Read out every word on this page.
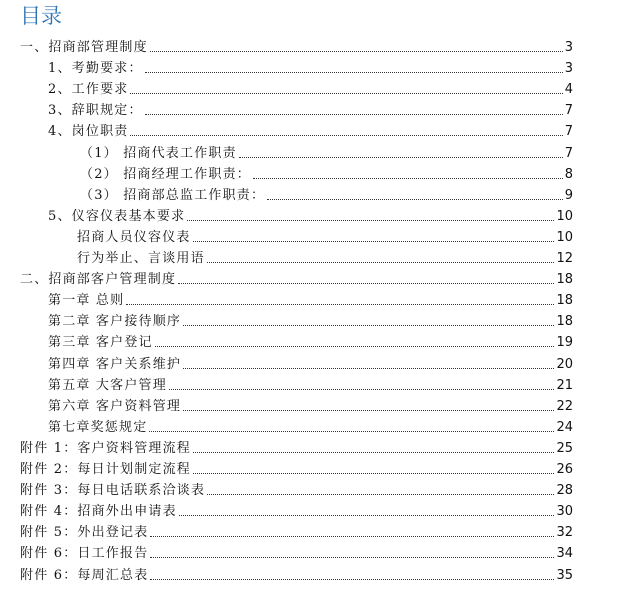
目录
一、招商部管理制度	3
1、考勤要求：	3
2、工作要求	4
3、辞职规定：	7
4、岗位职责	7
（1） 招商代表工作职责	7
（2） 招商经理工作职责：	8
（3） 招商部总监工作职责：	9
5、仪容仪表基本要求	10
招商人员仪容仪表	10
行为举止、言谈用语	12
二、招商部客户管理制度	18
第一章 总则	18
第二章 客户接待顺序	18
第三章 客户登记	19
第四章 客户关系维护	20
第五章 大客户管理	21
第六章 客户资料管理	22
第七章奖惩规定	24
附件 1：客户资料管理流程	25
附件 2：每日计划制定流程	26
附件 3：每日电话联系洽谈表	28
附件 4：招商外出申请表	30
附件 5：外出登记表	32
附件 6：日工作报告	34
附件 6：每周汇总表	35
